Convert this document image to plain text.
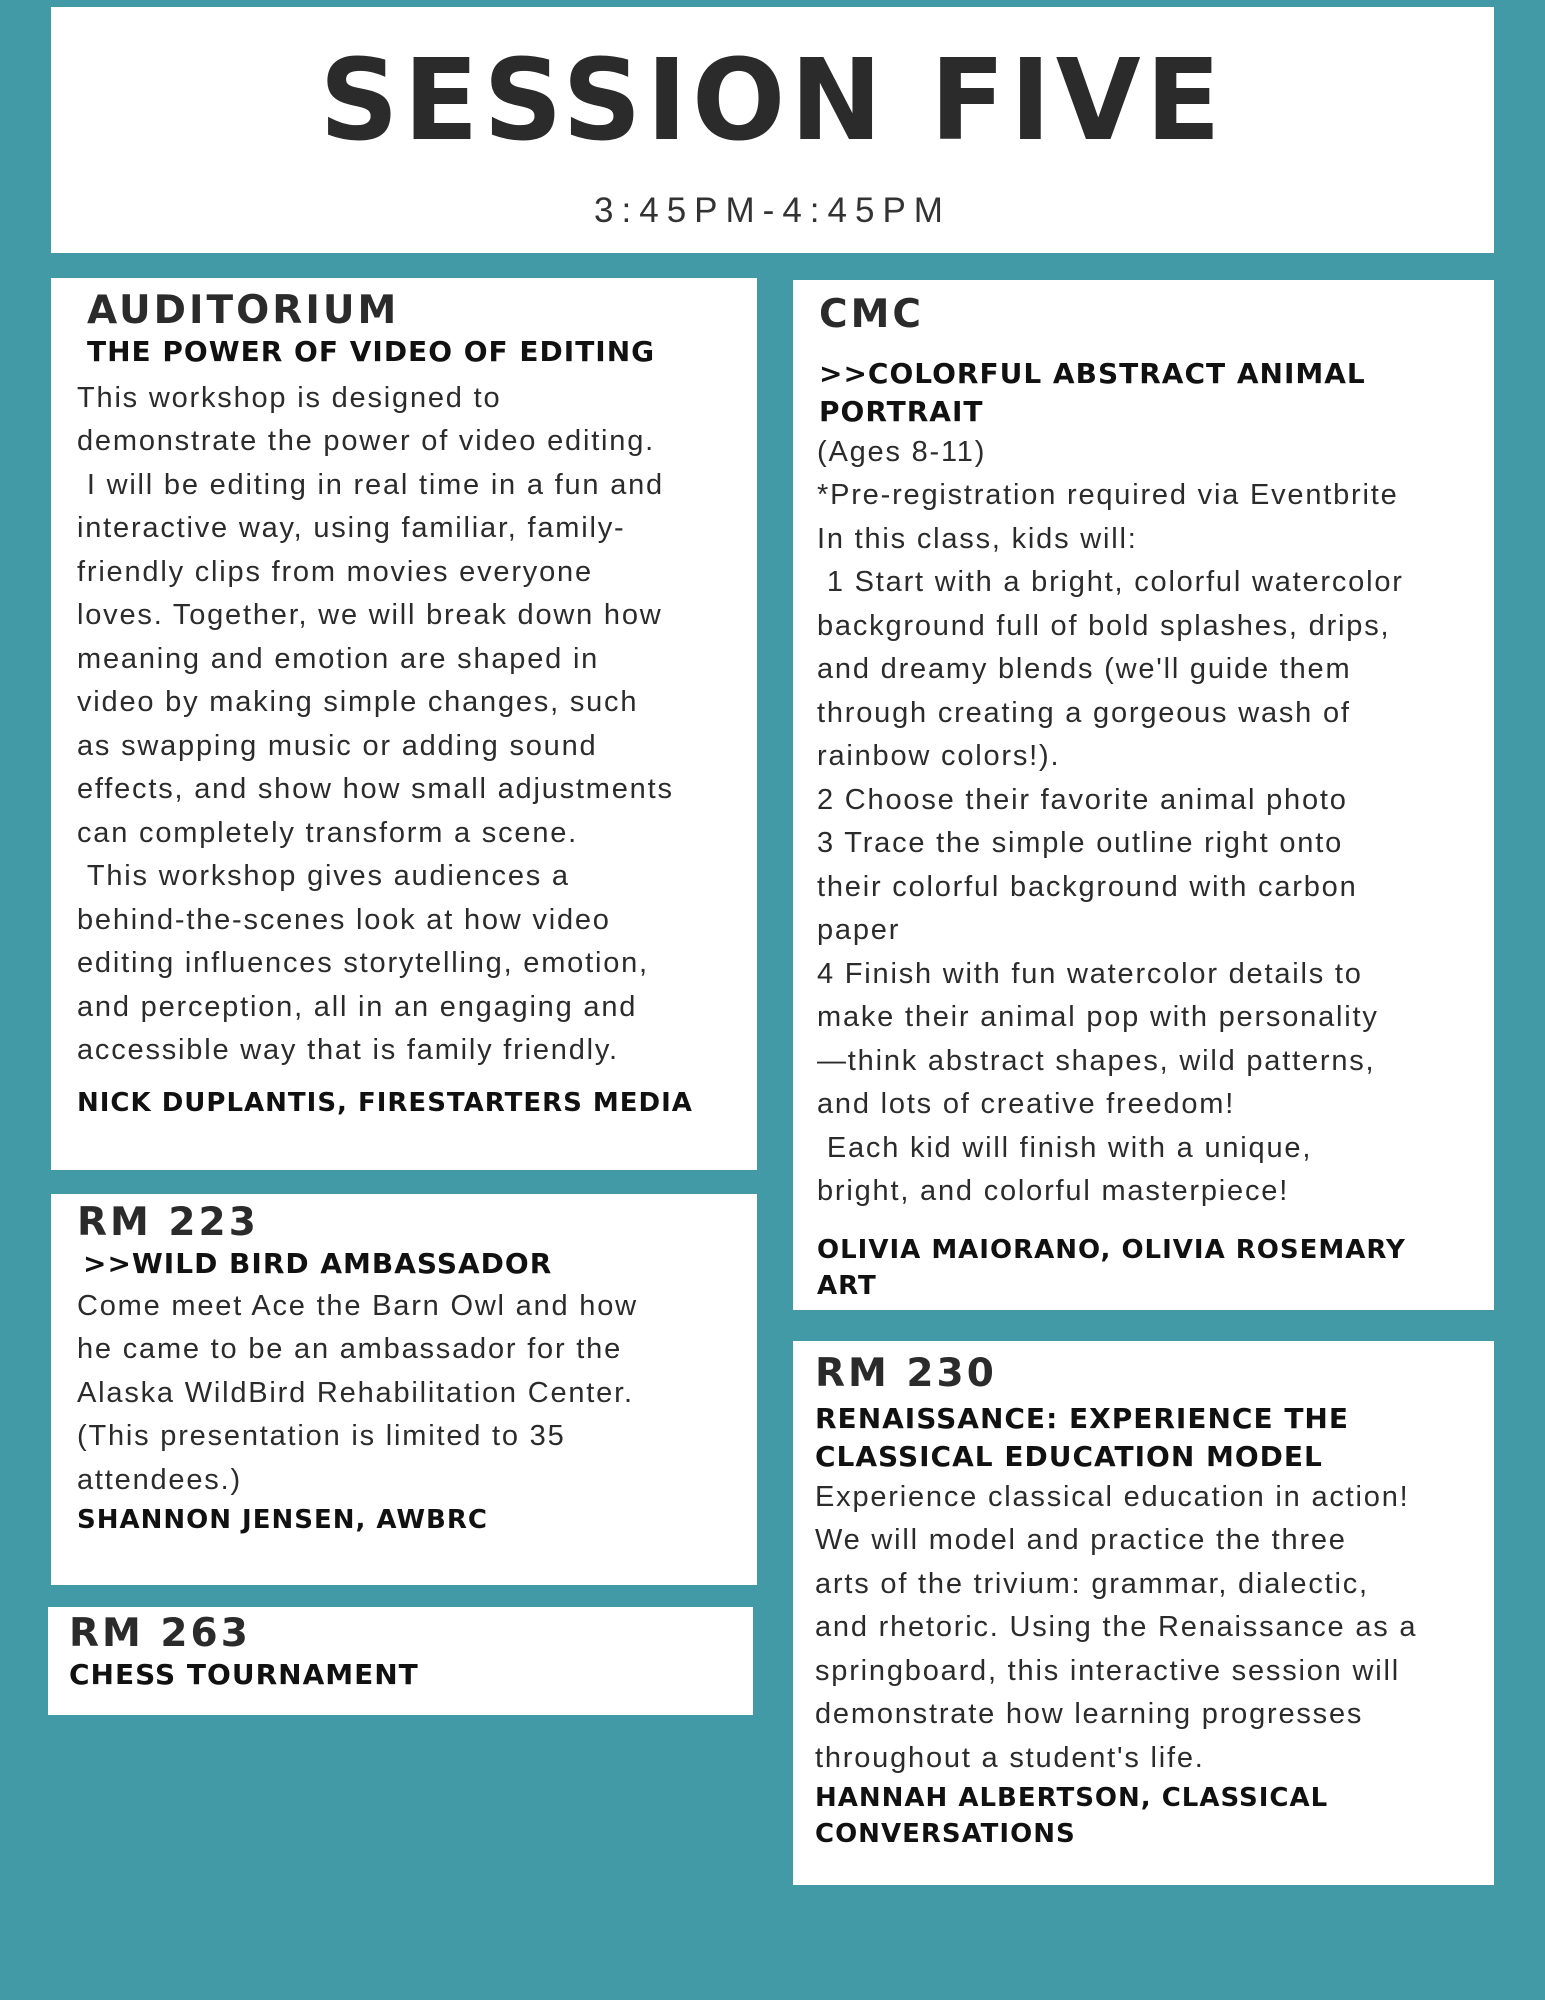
SESSION FIVE
3:45PM-4:45PM
AUDITORIUM
THE POWER OF VIDEO OF EDITING
This workshop is designed to
demonstrate the power of video editing.
I will be editing in real time in a fun and
interactive way, using familiar, family-
friendly clips from movies everyone
loves. Together, we will break down how
meaning and emotion are shaped in
video by making simple changes, such
as swapping music or adding sound
effects, and show how small adjustments
can completely transform a scene.
This workshop gives audiences a
behind-the-scenes look at how video
editing influences storytelling, emotion,
and perception, all in an engaging and
accessible way that is family friendly.
NICK DUPLANTIS, FIRESTARTERS MEDIA
RM 223
>>WILD BIRD AMBASSADOR
Come meet Ace the Barn Owl and how
he came to be an ambassador for the
Alaska WildBird Rehabilitation Center.
(This presentation is limited to 35
attendees.)
SHANNON JENSEN, AWBRC
RM 263
CHESS TOURNAMENT
CMC
>>COLORFUL ABSTRACT ANIMAL
PORTRAIT
(Ages 8-11)
*Pre-registration required via Eventbrite
In this class, kids will:
1 Start with a bright, colorful watercolor
background full of bold splashes, drips,
and dreamy blends (we'll guide them
through creating a gorgeous wash of
rainbow colors!).
2 Choose their favorite animal photo
3 Trace the simple outline right onto
their colorful background with carbon
paper
4 Finish with fun watercolor details to
make their animal pop with personality
—think abstract shapes, wild patterns,
and lots of creative freedom!
Each kid will finish with a unique,
bright, and colorful masterpiece!
OLIVIA MAIORANO, OLIVIA ROSEMARY
ART
RM 230
RENAISSANCE: EXPERIENCE THE
CLASSICAL EDUCATION MODEL
Experience classical education in action!
We will model and practice the three
arts of the trivium: grammar, dialectic,
and rhetoric. Using the Renaissance as a
springboard, this interactive session will
demonstrate how learning progresses
throughout a student's life.
HANNAH ALBERTSON, CLASSICAL
CONVERSATIONS
